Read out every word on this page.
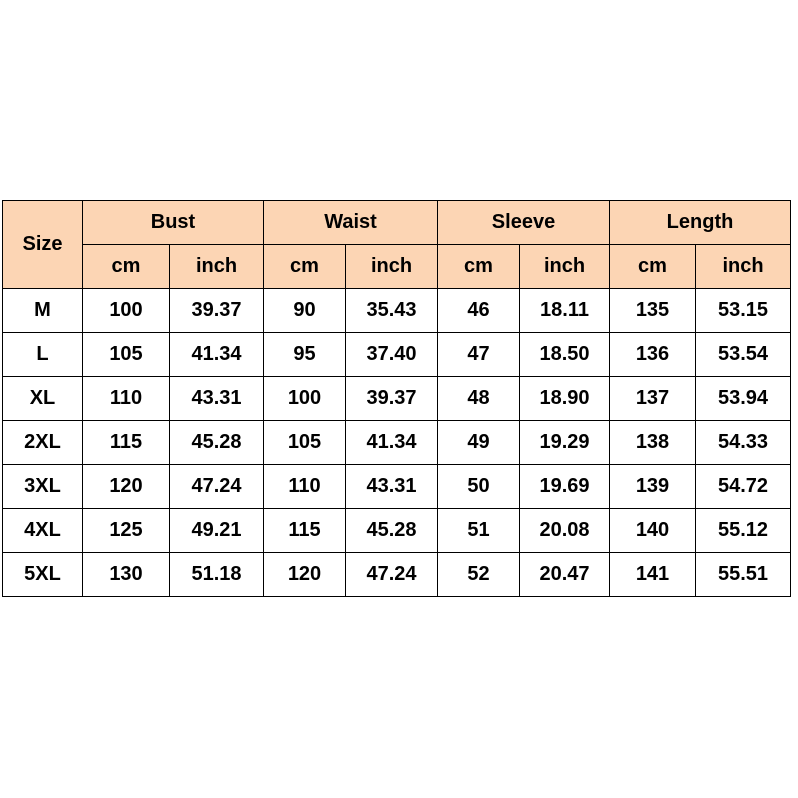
Size	Bust		Waist		Sleeve		Length	
	cm	inch	cm	inch	cm	inch	cm	inch
M	100	39.37	90	35.43	46	18.11	135	53.15
L	105	41.34	95	37.40	47	18.50	136	53.54
XL	110	43.31	100	39.37	48	18.90	137	53.94
2XL	115	45.28	105	41.34	49	19.29	138	54.33
3XL	120	47.24	110	43.31	50	19.69	139	54.72
4XL	125	49.21	115	45.28	51	20.08	140	55.12
5XL	130	51.18	120	47.24	52	20.47	141	55.51
